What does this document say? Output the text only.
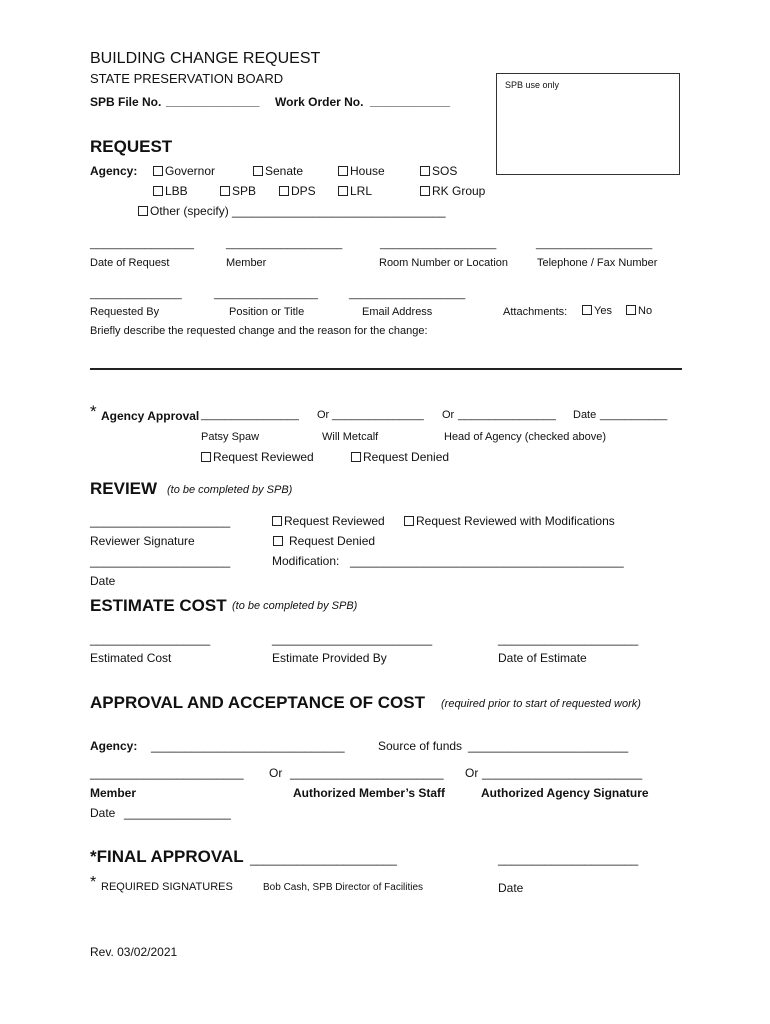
BUILDING CHANGE REQUEST
STATE PRESERVATION BOARD
SPB File No. ______________ Work Order No. ____________
SPB use only
REQUEST
Agency:	Governor	Senate	House	SOS
LBB	SPB	DPS	LRL	RK Group
Other (specify) ________________________________
_________________	___________________	___________________	___________________
Date of Request	Member	Room Number or Location	Telephone / Fax Number
_______________	_________________	___________________
Requested By	Position or Title	Email Address	Attachments:	Yes	No
Briefly describe the requested change and the reason for the change:
* Agency Approval ________________ Or _______________ Or ________________ Date ___________
Patsy Spaw	Will Metcalf	Head of Agency (checked above)
Request Reviewed	Request Denied
REVIEW (to be completed by SPB)
_____________________
Reviewer Signature
_____________________
Date
Request Reviewed	Request Reviewed with Modifications
Request Denied
Modification: _________________________________________
ESTIMATE COST (to be completed by SPB)
__________________	________________________	_____________________
Estimated Cost	Estimate Provided By	Date of Estimate
APPROVAL AND ACCEPTANCE OF COST (required prior to start of requested work)
Agency: _____________________________	Source of funds ________________________
_______________________ Or _______________________ Or ________________________
Member	Authorized Member’s Staff	Authorized Agency Signature
Date ________________
*FINAL APPROVAL ______________________	_____________________
* REQUIRED SIGNATURES	Bob Cash, SPB Director of Facilities	Date
Rev. 03/02/2021
